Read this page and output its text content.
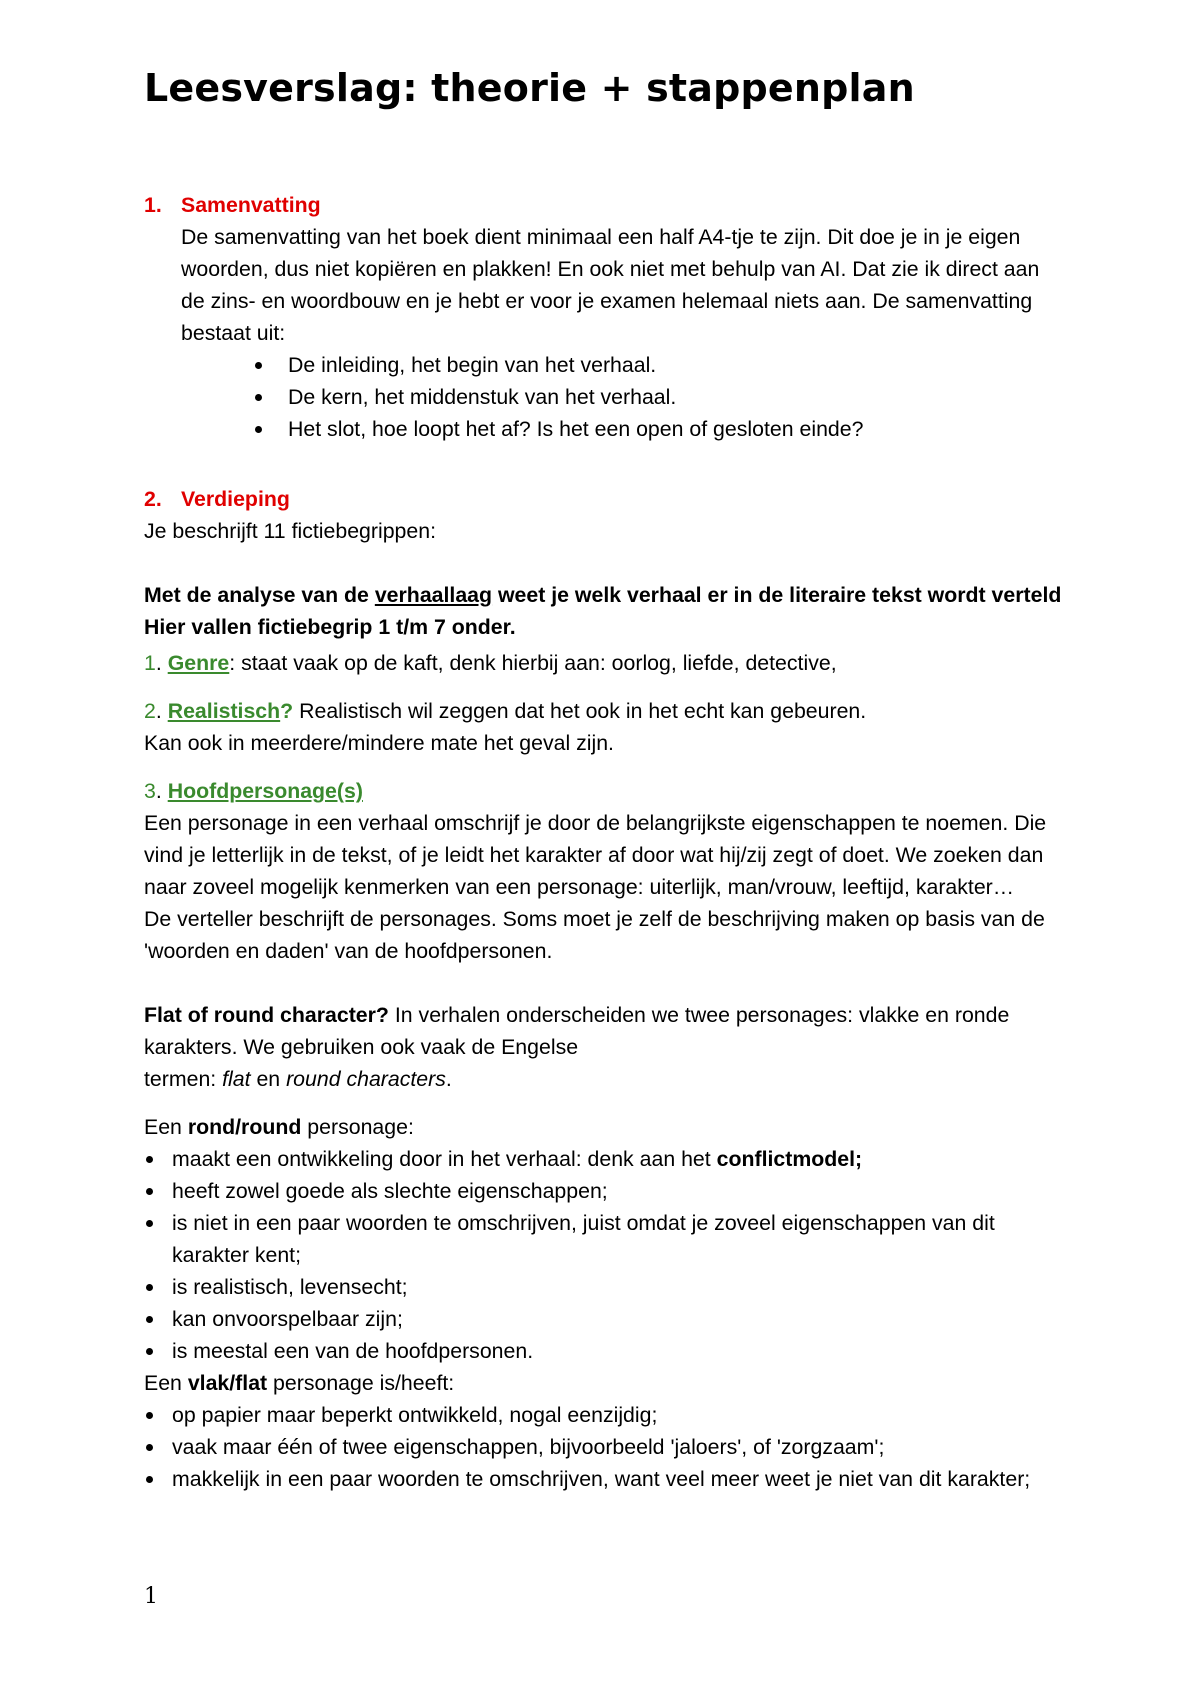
Leesverslag: theorie + stappenplan
1. Samenvatting

De samenvatting van het boek dient minimaal een half A4-tje te zijn. Dit doe je in je eigen woorden, dus niet kopiëren en plakken! En ook niet met behulp van AI. Dat zie ik direct aan de zins- en woordbouw en je hebt er voor je examen helemaal niets aan. De samenvatting bestaat uit:

De inleiding, het begin van het verhaal.
De kern, het middenstuk van het verhaal.
Het slot, hoe loopt het af? Is het een open of gesloten einde?
2. Verdieping

Je beschrijft 11 fictiebegrippen:

Met de analyse van de verhaallaag weet je welk verhaal er in de literaire tekst wordt verteld Hier vallen fictiebegrip 1 t/m 7 onder.

1. Genre: staat vaak op de kaft, denk hierbij aan: oorlog, liefde, detective,

2. Realistisch? Realistisch wil zeggen dat het ook in het echt kan gebeuren.

Kan ook in meerdere/mindere mate het geval zijn.

3. Hoofdpersonage(s)

Een personage in een verhaal omschrijf je door de belangrijkste eigenschappen te noemen. Die vind je letterlijk in de tekst, of je leidt het karakter af door wat hij/zij zegt of doet. We zoeken dan naar zoveel mogelijk kenmerken van een personage: uiterlijk, man/vrouw, leeftijd, karakter…

De verteller beschrijft de personages. Soms moet je zelf de beschrijving maken op basis van de 'woorden en daden' van de hoofdpersonen.

Flat of round character? In verhalen onderscheiden we twee personages: vlakke en ronde karakters. We gebruiken ook vaak de Engelse

termen: flat en round characters.

Een rond/round personage:

maakt een ontwikkeling door in het verhaal: denk aan het conflictmodel;
heeft zowel goede als slechte eigenschappen;
is niet in een paar woorden te omschrijven, juist omdat je zoveel eigenschappen van dit karakter kent;
is realistisch, levensecht;
kan onvoorspelbaar zijn;
is meestal een van de hoofdpersonen.

Een vlak/flat personage is/heeft:

op papier maar beperkt ontwikkeld, nogal eenzijdig;
vaak maar één of twee eigenschappen, bijvoorbeeld 'jaloers', of 'zorgzaam';
makkelijk in een paar woorden te omschrijven, want veel meer weet je niet van dit karakter;
1
